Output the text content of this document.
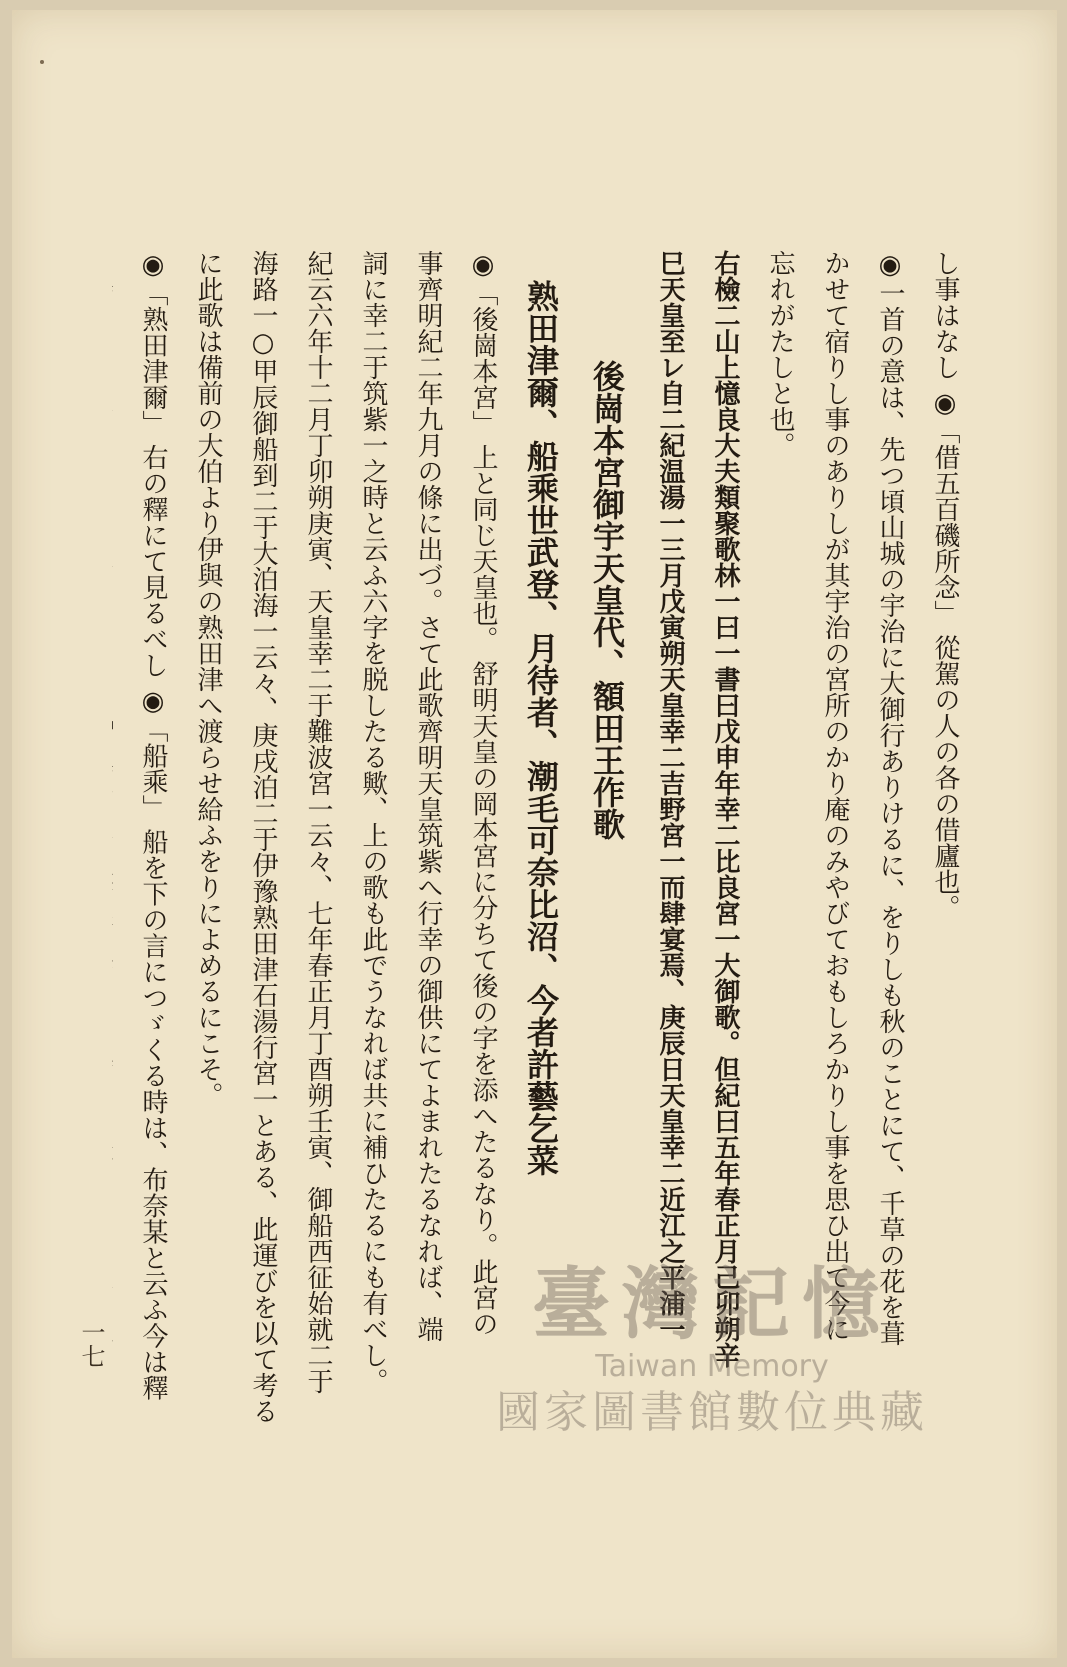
し事はなし ◉「借五百磯所念」 從駕の人の各の借廬也。

◉一首の意は、先つ頃山城の宇治に大御行ありけるに、をりしも秋のことにて、千草の花を葺

かせて宿りし事のありしが其宇治の宮所のかり庵のみやびておもしろかりし事を思ひ出て今に

忘れがたしと也。

右檢二山上憶良大夫類聚歌林一曰一書曰戊申年幸二比良宮一大御歌。但紀曰五年春正月己卯朔辛

巳天皇至レ自二紀温湯一三月戊寅朔天皇幸二吉野宮一而肆宴焉、庚辰日天皇幸二近江之平浦一

後崗本宮御宇天皇代、額田王作歌

熟田津爾、船乘世武登、月待者、潮毛可奈比沼、今者許藝乞菜

◉「後崗本宮」 上と同じ天皇也。 舒明天皇の岡本宮に分ちて後の字を添へたるなり。此宮の

事齊明紀二年九月の條に出づ。さて此歌齊明天皇筑紫へ行幸の御供にてよまれたるなれば、端

詞に幸二于筑紫一之時と云ふ六字を脱したる歟、上の歌も此でうなれば共に補ひたるにも有べし。

紀云六年十二月丁卯朔庚寅、天皇幸二于難波宮一云々、七年春正月丁酉朔壬寅、御船西征始就二于

海路一○甲辰御船到二于大泊海一云々、庚戌泊二于伊豫熟田津石湯行宮一とある、此運びを以て考る

に此歌は備前の大伯より伊與の熟田津へ渡らせ給ふをりによめるにこそ。

◉「熟田津爾」 右の釋にて見るべし ◉「船乘」 船を下の言につゞくる時は、布奈某と云ふ今は釋

一七	臺灣記憶
Taiwan Memory
國家圖書館數位典藏
